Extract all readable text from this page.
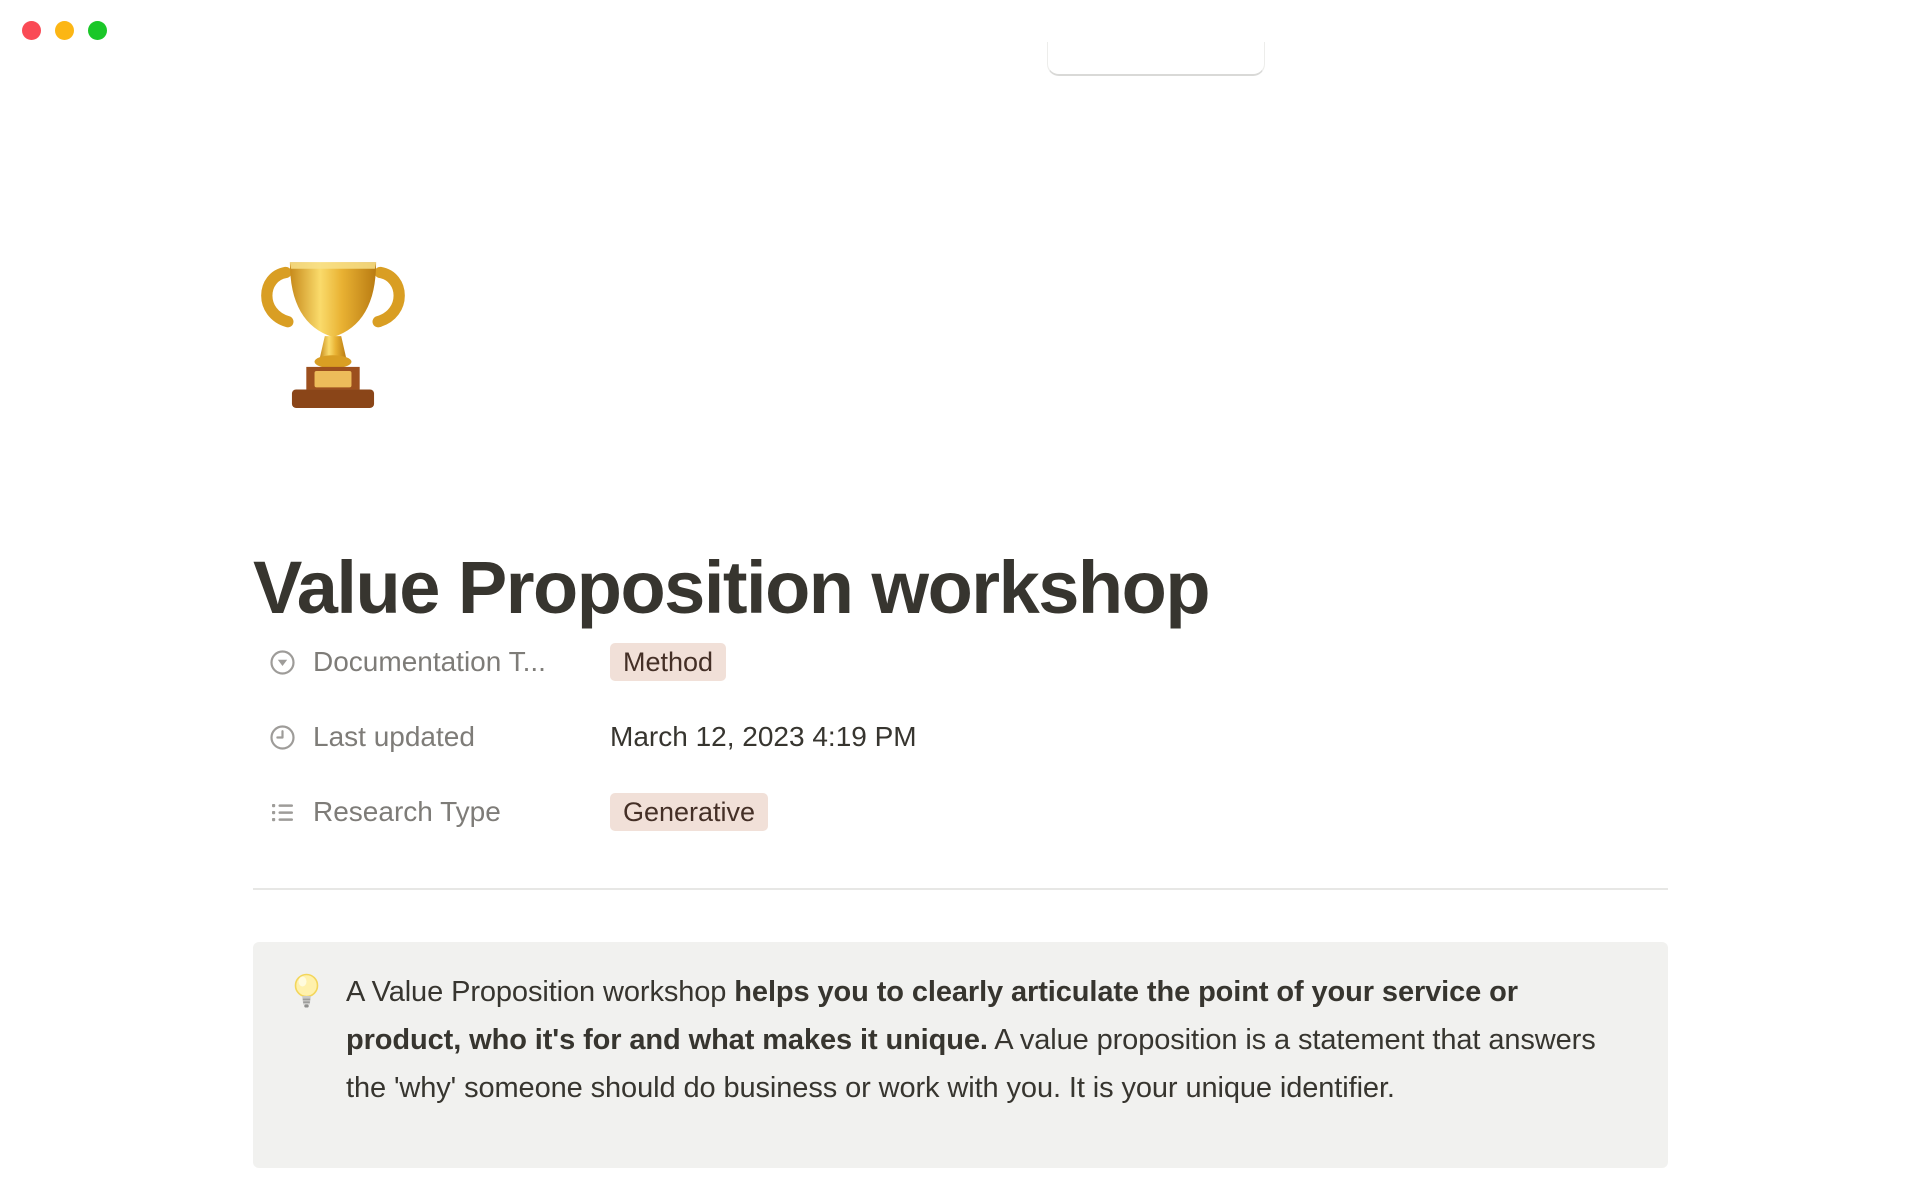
Value Proposition workshop
Documentation T...	Method
Last updated	March 12, 2023 4:19 PM
Research Type	Generative
A Value Proposition workshop helps you to clearly articulate the point of your service or product, who it's for and what makes it unique. A value proposition is a statement that answers the 'why' someone should do business or work with you. It is your unique identifier.
